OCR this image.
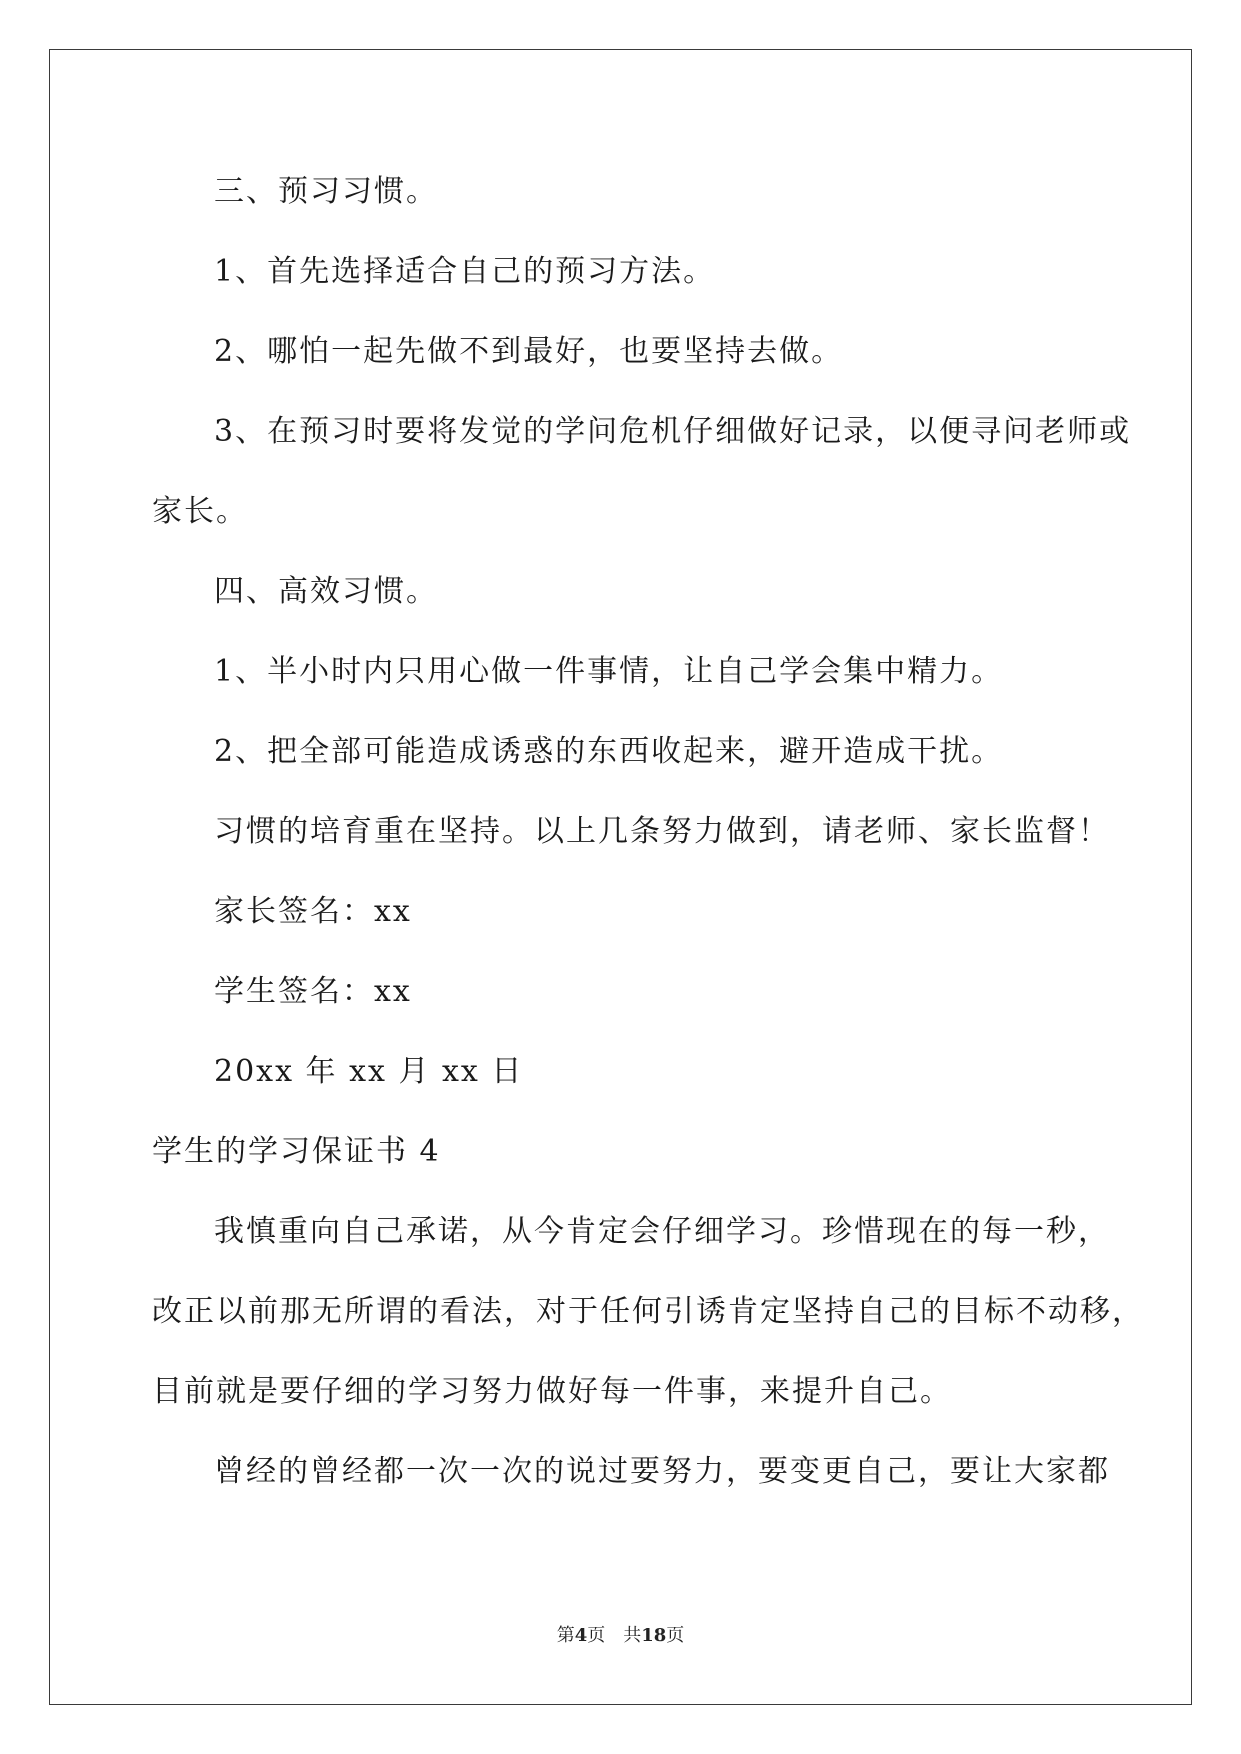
三、预习习惯。
1、首先选择适合自己的预习方法。
2、哪怕一起先做不到最好，也要坚持去做。
3、在预习时要将发觉的学问危机仔细做好记录，以便寻问老师或
家长。
四、高效习惯。
1、半小时内只用心做一件事情，让自己学会集中精力。
2、把全部可能造成诱惑的东西收起来，避开造成干扰。
习惯的培育重在坚持。以上几条努力做到，请老师、家长监督！
家长签名：xx
学生签名：xx
20xx 年 xx 月 xx 日
学生的学习保证书 4
我慎重向自己承诺，从今肯定会仔细学习。珍惜现在的每一秒，
改正以前那无所谓的看法，对于任何引诱肯定坚持自己的目标不动移，
目前就是要仔细的学习努力做好每一件事，来提升自己。
曾经的曾经都一次一次的说过要努力，要变更自己，要让大家都
第4页　共18页
